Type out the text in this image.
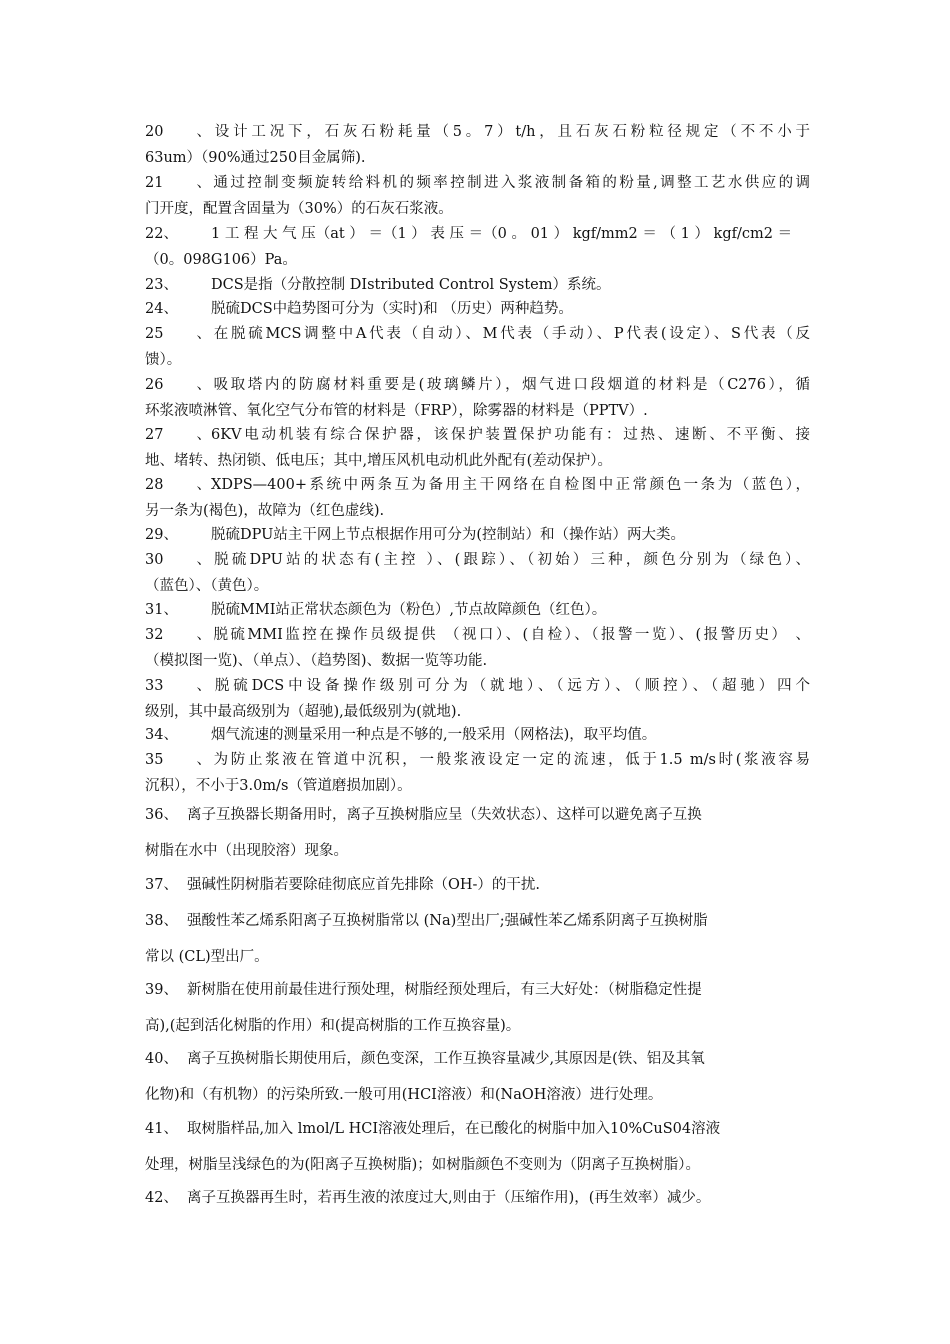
20、设计工况下，石灰石粉耗量（5。7）t/h，且石灰石粉粒径规定（不不小于
63um）（90%通过250目金属筛).
21、通过控制变频旋转给料机的频率控制进入浆液制备箱的粉量,调整工艺水供应的调
门开度，配置含固量为（30%）的石灰石浆液。
22、 1 工 程 大 气 压（at ） ＝（1 ） 表 压 ＝（0 。 01 ） kgf/mm2 ＝ （ 1 ） kgf/cm2 ＝
（0。098G106）Pa。
23、 DCS是指（分散控制 DIstributed Control System）系统。
24、 脱硫DCS中趋势图可分为（实时)和 （历史）两种趋势。
25、在脱硫MCS调整中A代表（自动）、M代表（手动）、P代表(设定）、S代表（反
馈）。
26、吸取塔内的防腐材料重要是(玻璃鳞片），烟气进口段烟道的材料是（C276），循
环浆液喷淋管、氧化空气分布管的材料是（FRP），除雾器的材料是（PPTV）.
27、6KV电动机装有综合保护器，该保护装置保护功能有：过热、速断、不平衡、接
地、堵转、热闭锁、低电压；其中,增压风机电动机此外配有(差动保护）。
28、XDPS—400+系统中两条互为备用主干网络在自检图中正常颜色一条为（蓝色），
另一条为(褐色)，故障为（红色虚线).
29、 脱硫DPU站主干网上节点根据作用可分为(控制站）和（操作站）两大类。
30、脱硫DPU站的状态有(主控 ）、(跟踪）、（初始）三种，颜色分别为（绿色）、
（蓝色）、（黄色）。
31、 脱硫MMI站正常状态颜色为（粉色）,节点故障颜色（红色）。
32、脱硫MMI监控在操作员级提供 （视口）、(自检）、（报警一览）、(报警历史） 、
（模拟图一览)、（单点）、（趋势图)、数据一览等功能.
33、脱硫DCS中设备操作级别可分为（就地）、（远方）、（顺控）、（超驰）四个
级别，其中最高级别为（超驰),最低级别为(就地).
34、 烟气流速的测量采用一种点是不够的,一般采用（网格法)，取平均值。
35、为防止浆液在管道中沉积，一般浆液设定一定的流速，低于1.5 m/s时(浆液容易
沉积），不小于3.0m/s（管道磨损加剧）。
36、 离子互换器长期备用时，离子互换树脂应呈（失效状态）、这样可以避免离子互换
树脂在水中（出现胶溶）现象。
37、 强碱性阴树脂若要除硅彻底应首先排除（OH-）的干扰.
38、 强酸性苯乙烯系阳离子互换树脂常以 (Na)型出厂;强碱性苯乙烯系阴离子互换树脂
常以 (CL)型出厂。
39、 新树脂在使用前最佳进行预处理，树脂经预处理后，有三大好处：（树脂稳定性提
高),(起到活化树脂的作用）和(提高树脂的工作互换容量)。
40、 离子互换树脂长期使用后，颜色变深，工作互换容量减少,其原因是(铁、铝及其氧
化物)和（有机物）的污染所致.一般可用(HCI溶液）和(NaOH溶液）进行处理。
41、 取树脂样品,加入 lmol/L HCI溶液处理后，在已酸化的树脂中加入10%CuS04溶液
处理，树脂呈浅绿色的为(阳离子互换树脂)；如树脂颜色不变则为（阴离子互换树脂）。
42、 离子互换器再生时，若再生液的浓度过大,则由于（压缩作用)，(再生效率）减少。
